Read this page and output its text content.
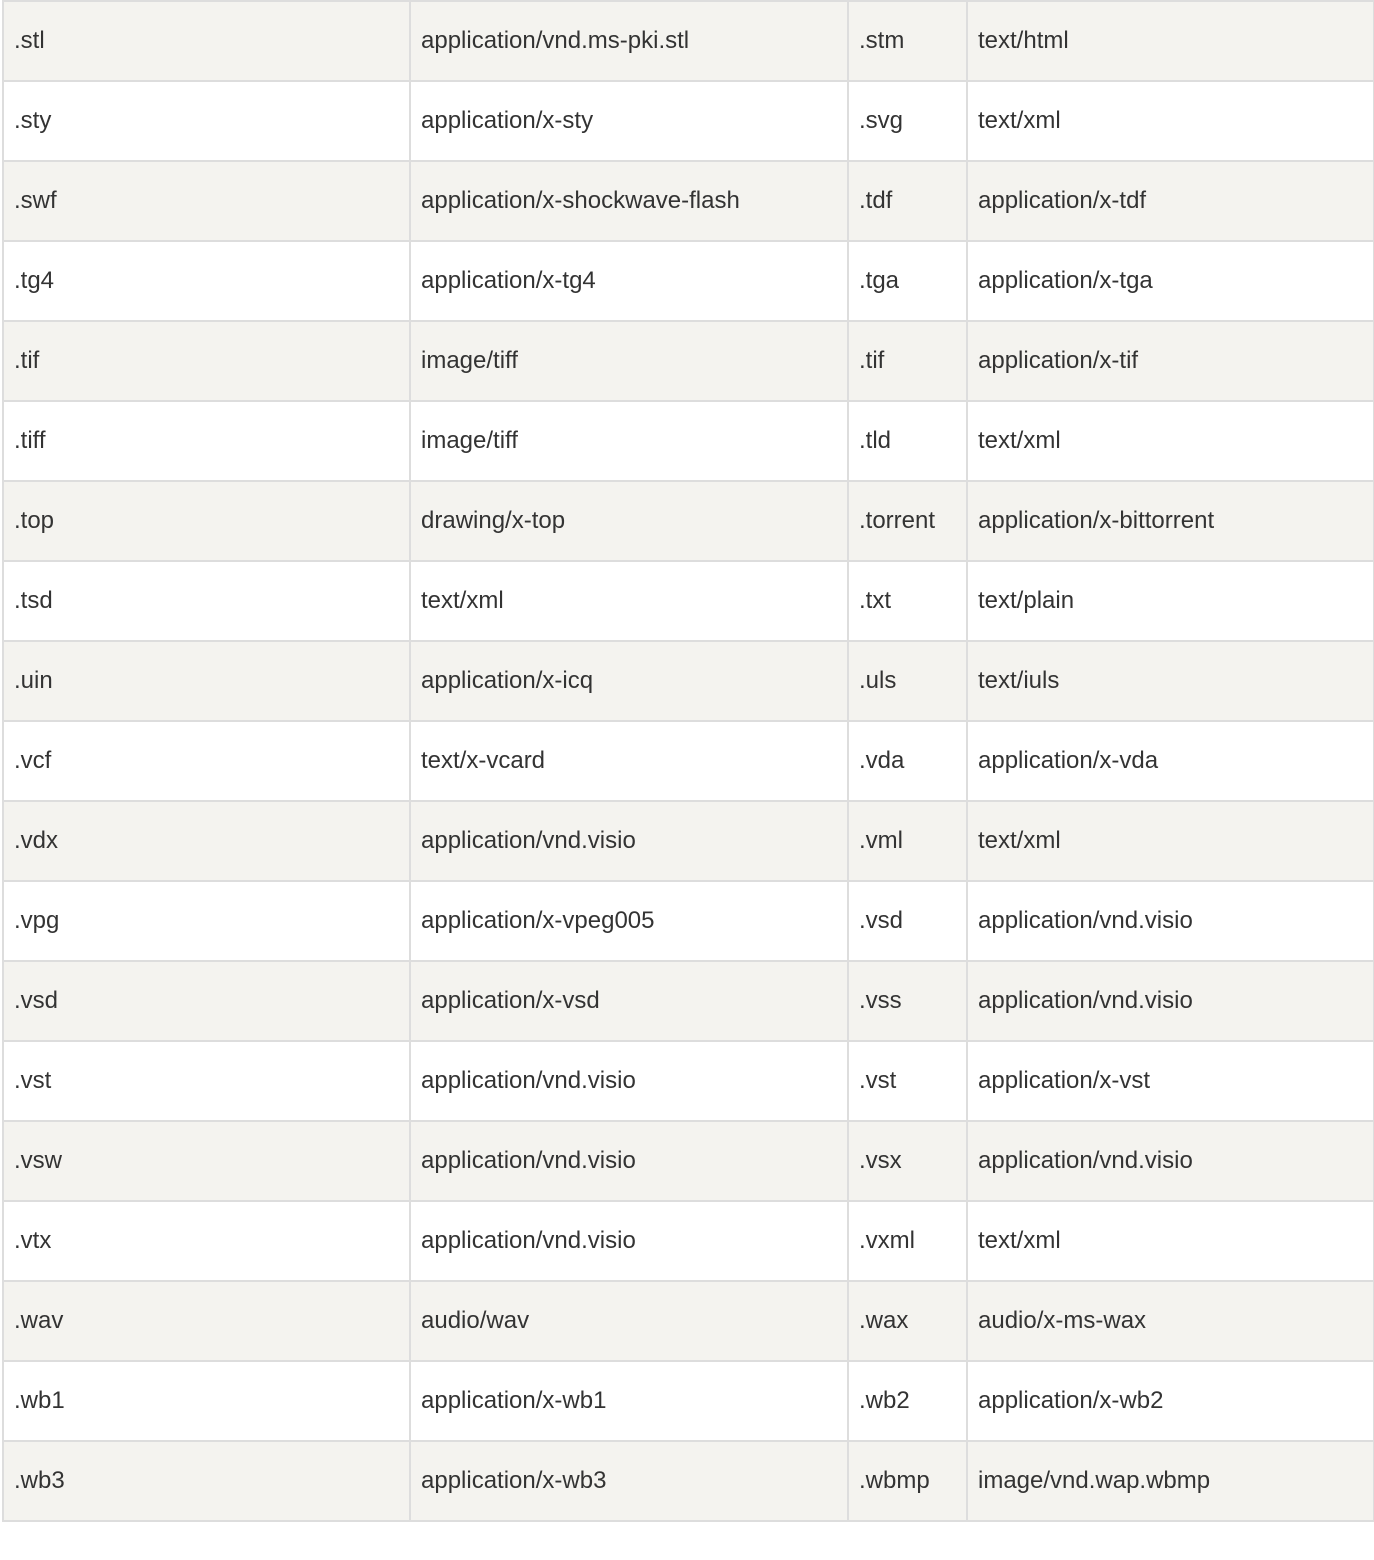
.stl	application/vnd.ms-pki.stl	.stm	text/html
.sty	application/x-sty	.svg	text/xml
.swf	application/x-shockwave-flash	.tdf	application/x-tdf
.tg4	application/x-tg4	.tga	application/x-tga
.tif	image/tiff	.tif	application/x-tif
.tiff	image/tiff	.tld	text/xml
.top	drawing/x-top	.torrent	application/x-bittorrent
.tsd	text/xml	.txt	text/plain
.uin	application/x-icq	.uls	text/iuls
.vcf	text/x-vcard	.vda	application/x-vda
.vdx	application/vnd.visio	.vml	text/xml
.vpg	application/x-vpeg005	.vsd	application/vnd.visio
.vsd	application/x-vsd	.vss	application/vnd.visio
.vst	application/vnd.visio	.vst	application/x-vst
.vsw	application/vnd.visio	.vsx	application/vnd.visio
.vtx	application/vnd.visio	.vxml	text/xml
.wav	audio/wav	.wax	audio/x-ms-wax
.wb1	application/x-wb1	.wb2	application/x-wb2
.wb3	application/x-wb3	.wbmp	image/vnd.wap.wbmp
